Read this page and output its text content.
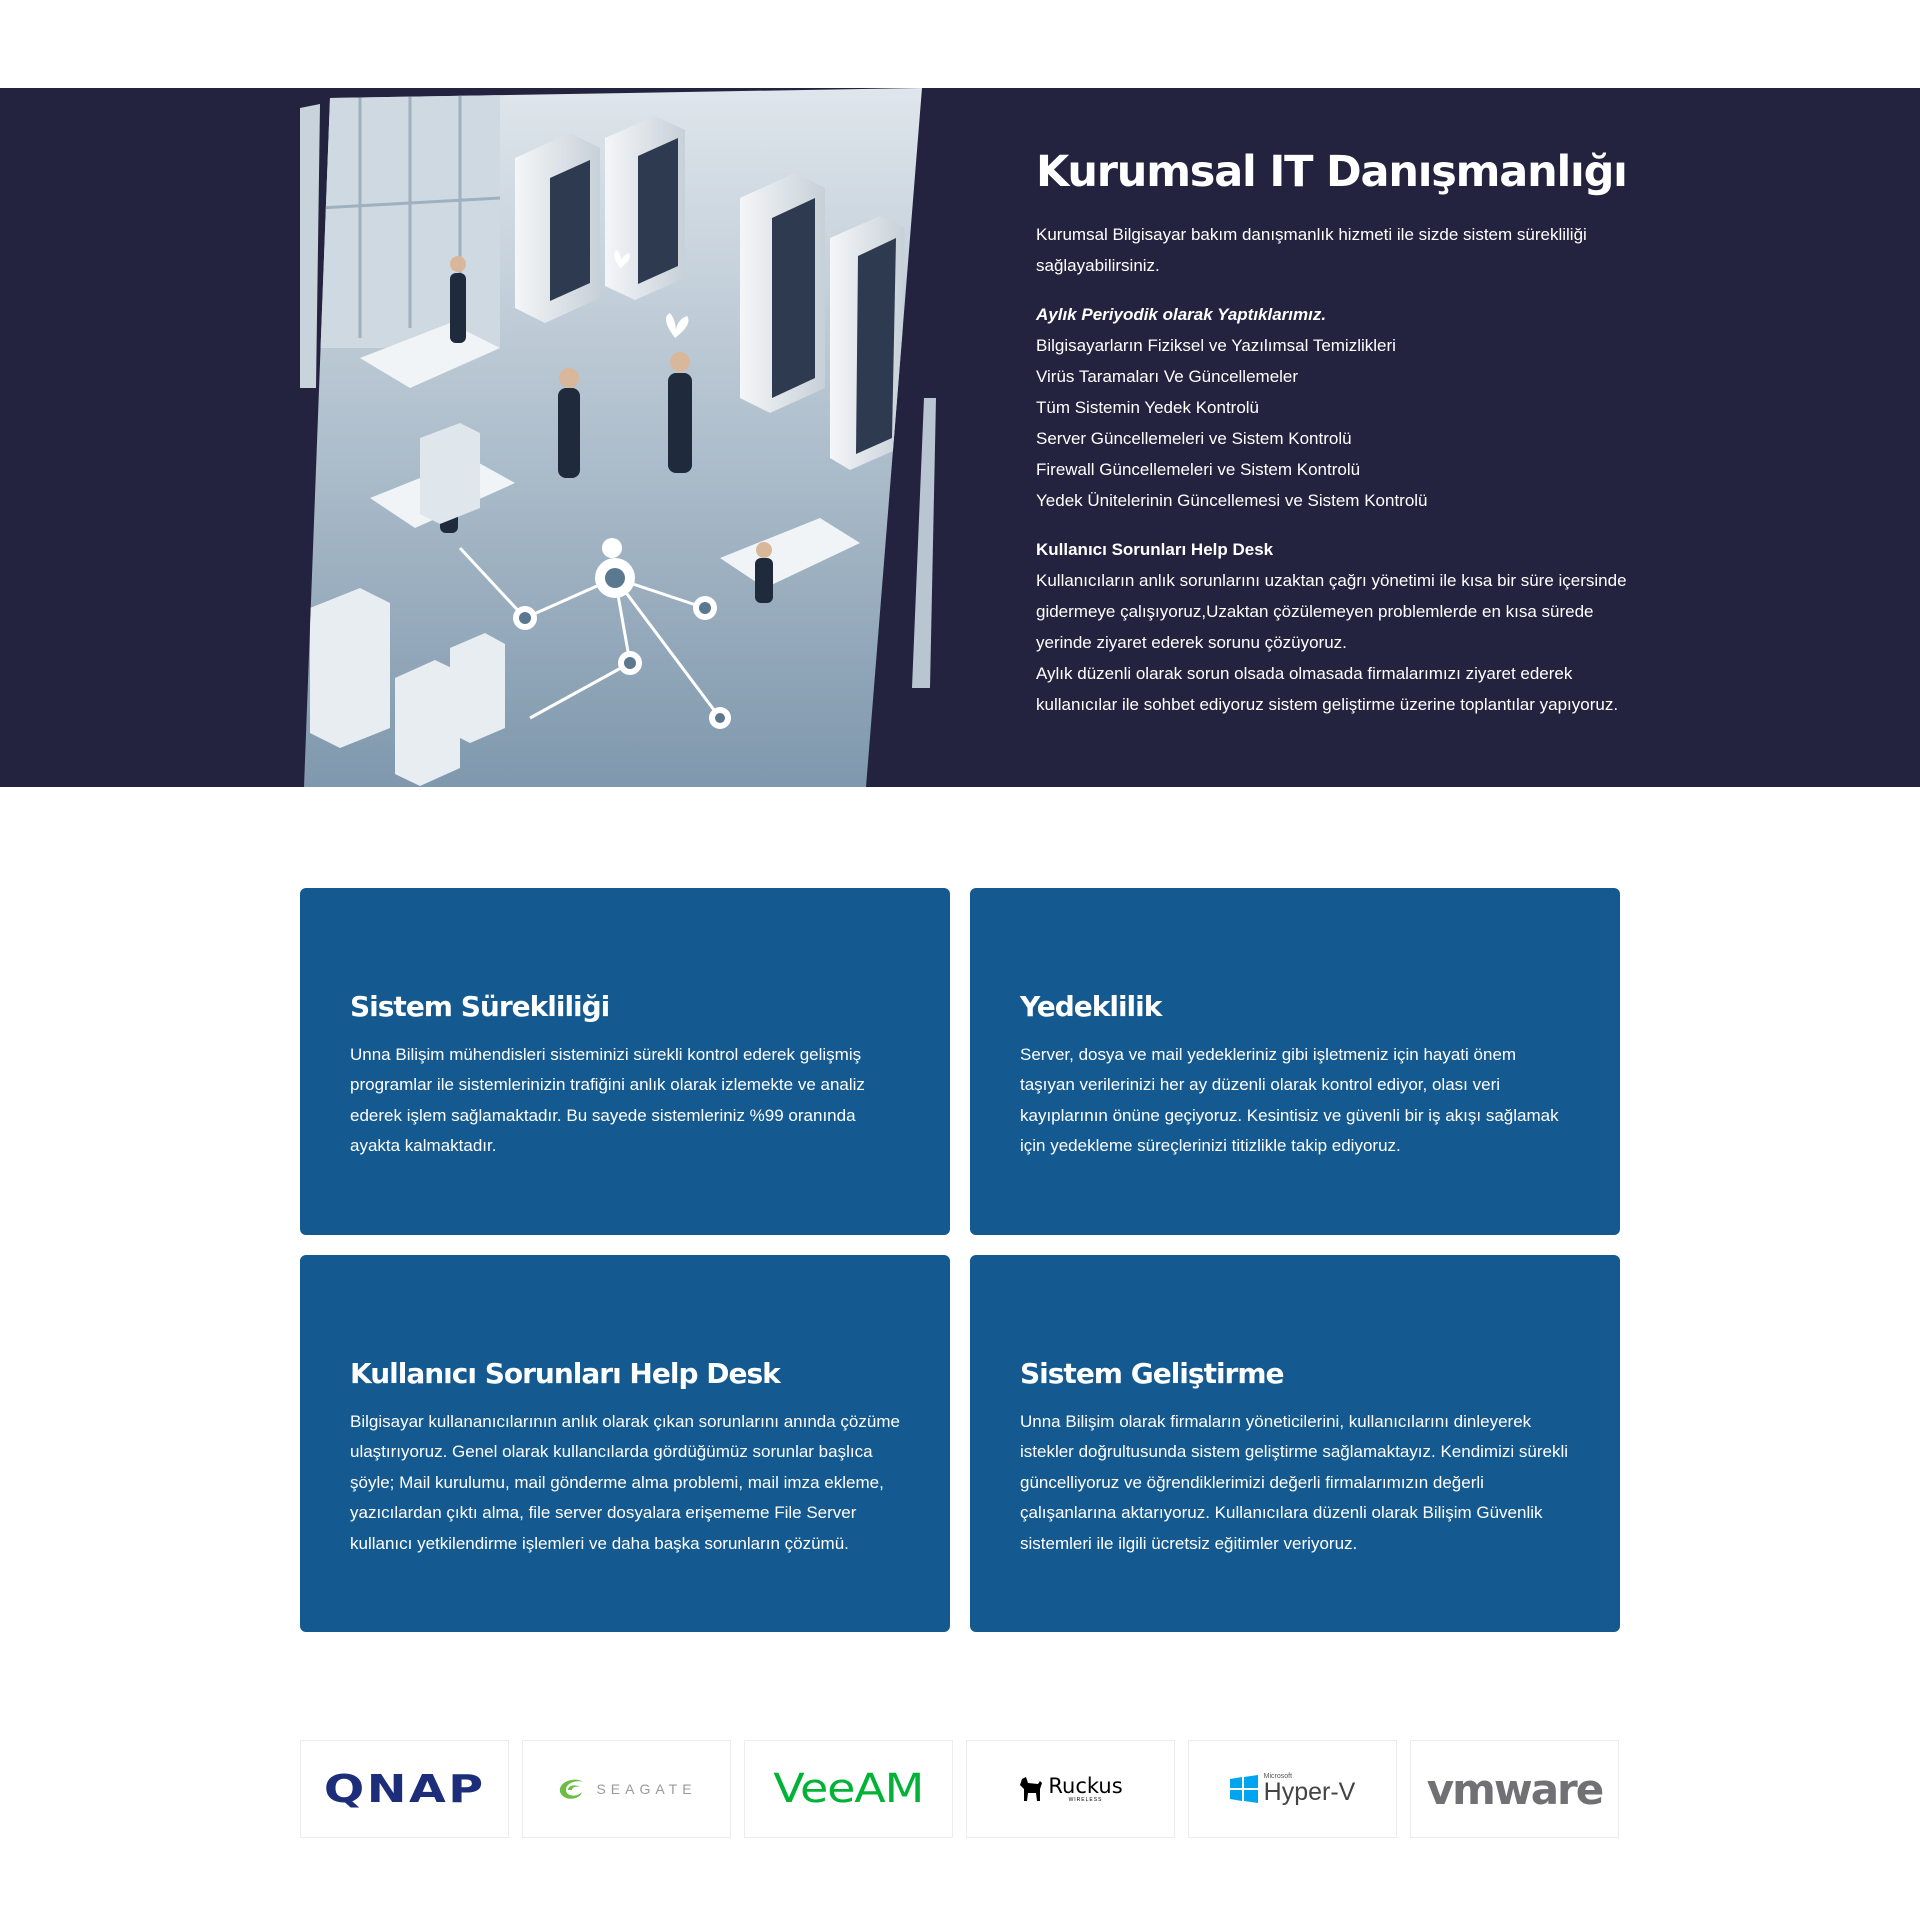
Kurumsal IT Danışmanlığı

Kurumsal Bilgisayar bakım danışmanlık hizmeti ile sizde sistem sürekliliği sağlayabilirsiniz.

Aylık Periyodik olarak Yaptıklarımız.

Bilgisayarların Fiziksel ve Yazılımsal Temizlikleri

Virüs Taramaları Ve Güncellemeler

Tüm Sistemin Yedek Kontrolü

Server Güncellemeleri ve Sistem Kontrolü

Firewall Güncellemeleri ve Sistem Kontrolü

Yedek Ünitelerinin Güncellemesi ve Sistem Kontrolü

Kullanıcı Sorunları Help Desk

Kullanıcıların anlık sorunlarını uzaktan çağrı yönetimi ile kısa bir süre içersinde gidermeye çalışıyoruz,Uzaktan çözülemeyen problemlerde en kısa sürede yerinde ziyaret ederek sorunu çözüyoruz.

Aylık düzenli olarak sorun olsada olmasada firmalarımızı ziyaret ederek kullanıcılar ile sohbet ediyoruz sistem geliştirme üzerine toplantılar yapıyoruz.

Sistem Sürekliliği

Unna Bilişim mühendisleri sisteminizi sürekli kontrol ederek gelişmiş programlar ile sistemlerinizin trafiğini anlık olarak izlemekte ve analiz ederek işlem sağlamaktadır. Bu sayede sistemleriniz %99 oranında ayakta kalmaktadır.

Yedeklilik

Server, dosya ve mail yedekleriniz gibi işletmeniz için hayati önem taşıyan verilerinizi her ay düzenli olarak kontrol ediyor, olası veri kayıplarının önüne geçiyoruz. Kesintisiz ve güvenli bir iş akışı sağlamak için yedekleme süreçlerinizi titizlikle takip ediyoruz.

Kullanıcı Sorunları Help Desk

Bilgisayar kullananıcılarının anlık olarak çıkan sorunlarını anında çözüme ulaştırıyoruz. Genel olarak kullancılarda gördüğümüz sorunlar başlıca şöyle; Mail kurulumu, mail gönderme alma problemi, mail imza ekleme, yazıcılardan çıktı alma, file server dosyalara erişememe File Server kullanıcı yetkilendirme işlemleri ve daha başka sorunların çözümü.

Sistem Geliştirme

Unna Bilişim olarak firmaların yöneticilerini, kullanıcılarını dinleyerek istekler doğrultusunda sistem geliştirme sağlamaktayız. Kendimizi sürekli güncelliyoruz ve öğrendiklerimizi değerli firmalarımızın değerli çalışanlarına aktarıyoruz. Kullanıcılara düzenli olarak Bilişim Güvenlik sistemleri ile ilgili ücretsiz eğitimler veriyoruz.

QNAP	SEAGATE VeeAM	Ruckus
WIRELESS
Microsoft
Hyper-V vmware
